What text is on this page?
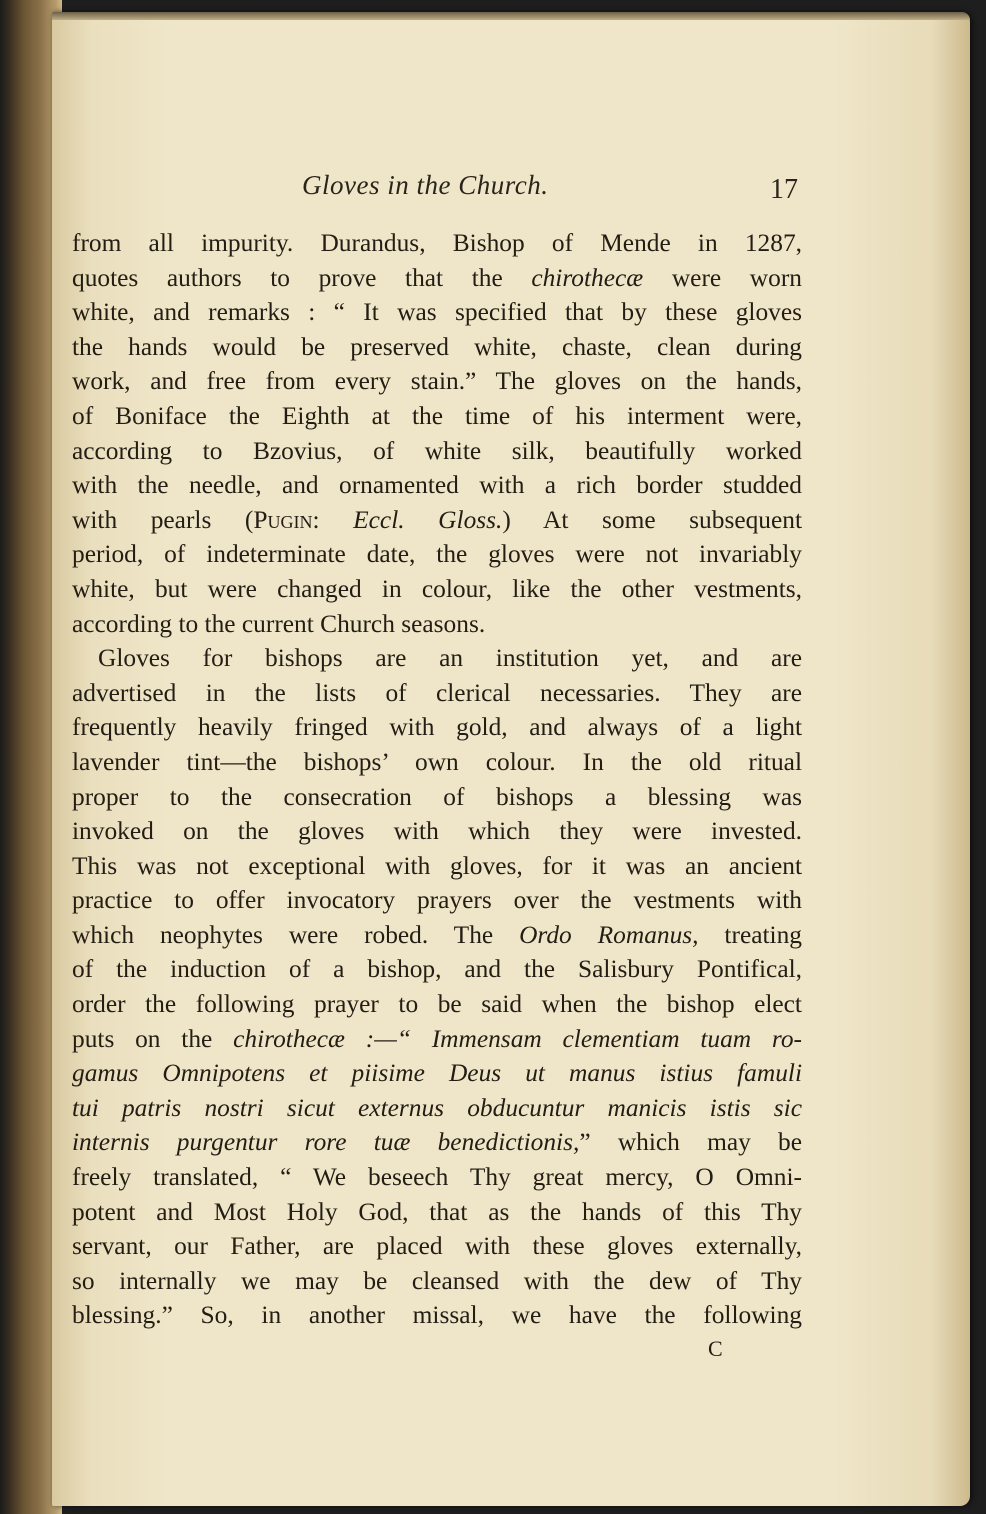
Gloves in the Church.	17
from all impurity. Durandus, Bishop of Mende in 1287,
quotes authors to prove that the chirothecæ were worn
white, and remarks : “ It was specified that by these gloves
the hands would be preserved white, chaste, clean during
work, and free from every stain.” The gloves on the hands,
of Boniface the Eighth at the time of his interment were,
according to Bzovius, of white silk, beautifully worked
with the needle, and ornamented with a rich border studded
with pearls (Pugin: Eccl. Gloss.) At some subsequent
period, of indeterminate date, the gloves were not invariably
white, but were changed in colour, like the other vestments,
according to the current Church seasons.
Gloves for bishops are an institution yet, and are
advertised in the lists of clerical necessaries. They are
frequently heavily fringed with gold, and always of a light
lavender tint—the bishops’ own colour. In the old ritual
proper to the consecration of bishops a blessing was
invoked on the gloves with which they were invested.
This was not exceptional with gloves, for it was an ancient
practice to offer invocatory prayers over the vestments with
which neophytes were robed. The Ordo Romanus, treating
of the induction of a bishop, and the Salisbury Pontifical,
order the following prayer to be said when the bishop elect
puts on the chirothecæ :—“ Immensam clementiam tuam ro-
gamus Omnipotens et piisime Deus ut manus istius famuli
tui patris nostri sicut externus obducuntur manicis istis sic
internis purgentur rore tuæ benedictionis,” which may be
freely translated, “ We beseech Thy great mercy, O Omni-
potent and Most Holy God, that as the hands of this Thy
servant, our Father, are placed with these gloves externally,
so internally we may be cleansed with the dew of Thy
blessing.” So, in another missal, we have the following
C
